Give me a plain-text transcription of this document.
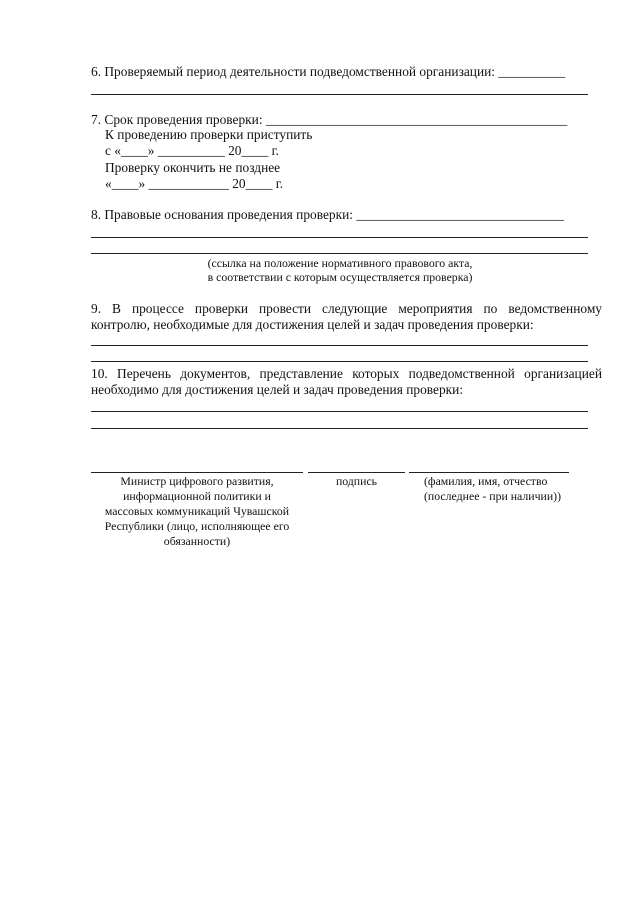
6. Проверяемый период деятельности подведомственной организации: __________
7. Срок проведения проверки: _____________________________________________
К проведению проверки приступить
с «____» __________ 20____ г.
Проверку окончить не позднее
«____» ____________ 20____ г.
8. Правовые основания проведения проверки: _______________________________
(ссылка на положение нормативного правового акта,
в соответствии с которым осуществляется проверка)
9. В процессе проверки провести следующие мероприятия по ведомственному
контролю, необходимые для достижения целей и задач проведения проверки:
10. Перечень документов, представление которых подведомственной организацией
необходимо для достижения целей и задач проведения проверки:
Министр цифрового развития,
информационной политики и
массовых коммуникаций Чувашской
Республики (лицо, исполняющее его
обязанности)
подпись	(фамилия, имя, отчество
(последнее - при наличии))
